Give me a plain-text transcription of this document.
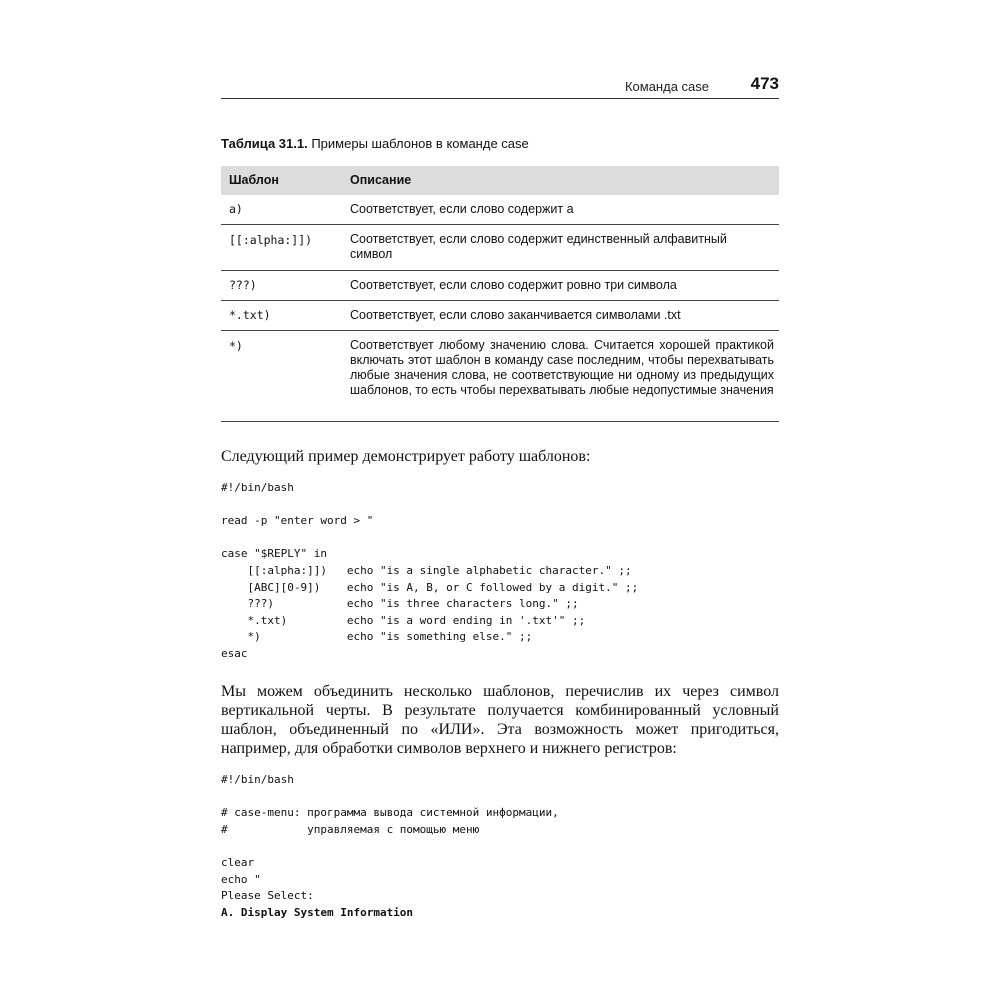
Команда case 473
Таблица 31.1. Примеры шаблонов в команде case
Шаблон	Описание
a)	Соответствует, если слово содержит a
[[:alpha:]])	Соответствует, если слово содержит единственный алфавитный символ
???)	Соответствует, если слово содержит ровно три символа
*.txt)	Соответствует, если слово заканчивается символами .txt
*)	Соответствует любому значению слова. Считается хорошей практикой включать этот шаблон в команду case последним, чтобы перехватывать любые значения слова, не соответствующие ни одному из предыдущих шаблонов, то есть чтобы перехватывать любые недопустимые значения
Следующий пример демонстрирует работу шаблонов:
#!/bin/bash

read -p "enter word > "

case "$REPLY" in
[[:alpha:]])   echo "is a single alphabetic character." ;;
[ABC][0-9])    echo "is A, B, or C followed by a digit." ;;
???)           echo "is three characters long." ;;
*.txt)         echo "is a word ending in '.txt'" ;;
*)             echo "is something else." ;;
esac
Мы можем объединить несколько шаблонов, перечислив их через символ вертикальной черты. В результате получается комбинированный условный шаблон, объединенный по «ИЛИ». Эта возможность может пригодиться, например, для обработки символов верхнего и нижнего регистров:
#!/bin/bash

# case-menu: программа вывода системной информации,
#            управляемая с помощью меню

clear
echo "
Please Select:
A. Display System Information
